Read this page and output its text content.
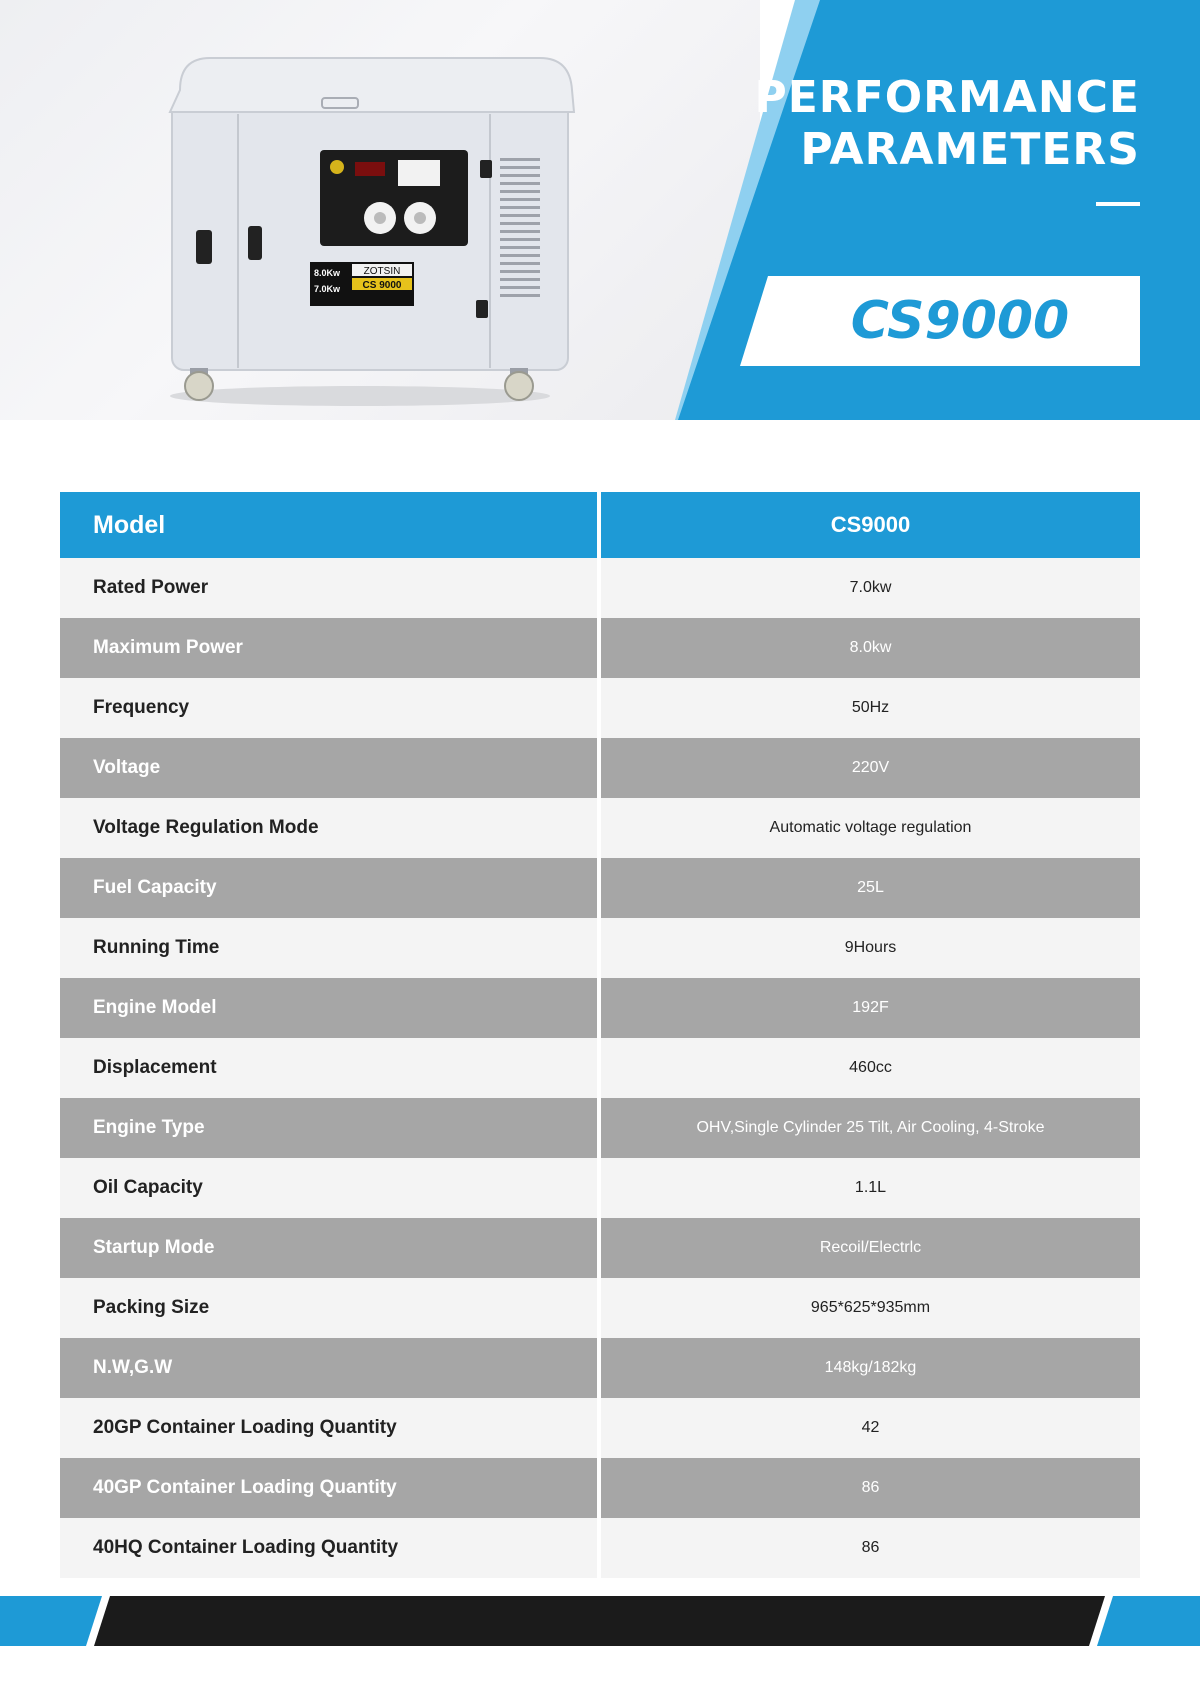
ZOTSIN
CS 9000
8.0Kw
7.0Kw
PERFORMANCE
PARAMETERS
CS9000
Model	CS9000
Rated Power	7.0kw
Maximum Power	8.0kw
Frequency	50Hz
Voltage	220V
Voltage Regulation Mode	Automatic voltage regulation
Fuel Capacity	25L
Running Time	9Hours
Engine Model	192F
Displacement	460cc
Engine Type	OHV,Single Cylinder 25 Tilt, Air Cooling, 4-Stroke
Oil Capacity	1.1L
Startup Mode	Recoil/Electrlc
Packing Size	965*625*935mm
N.W,G.W	148kg/182kg
20GP Container Loading Quantity	42
40GP Container Loading Quantity	86
40HQ Container Loading Quantity	86
